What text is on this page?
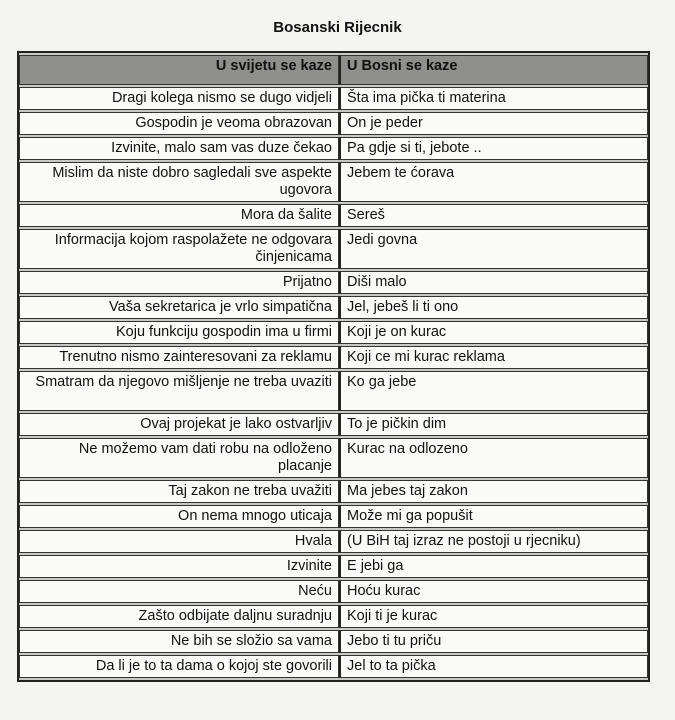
Bosanski Rijecnik
U svijetu se kaze	U Bosni se kaze
Dragi kolega nismo se dugo vidjeli	Šta ima pička ti materina
Gospodin je veoma obrazovan	On je peder
Izvinite, malo sam vas duze čekao	Pa gdje si ti, jebote ..
Mislim da niste dobro sagledali sve aspekte ugovora	Jebem te ćorava
Mora da šalite	Sereš
Informacija kojom raspolažete ne odgovara činjenicama	Jedi govna
Prijatno	Diši malo
Vaša sekretarica je vrlo simpatična	Jel, jebeš li ti ono
Koju funkciju gospodin ima u firmi	Koji je on kurac
Trenutno nismo zainteresovani za reklamu	Koji ce mi kurac reklama
Smatram da njegovo mišljenje ne treba uvaziti	Ko ga jebe
Ovaj projekat je lako ostvarljiv	To je pičkin dim
Ne možemo vam dati robu na odloženo placanje	Kurac na odlozeno
Taj zakon ne treba uvažiti	Ma jebes taj zakon
On nema mnogo uticaja	Može mi ga popušit
Hvala	(U BiH taj izraz ne postoji u rjecniku)
Izvinite	E jebi ga
Neću	Hoću kurac
Zašto odbijate daljnu suradnju	Koji ti je kurac
Ne bih se složio sa vama	Jebo ti tu priču
Da li je to ta dama o kojoj ste govorili	Jel to ta pička
